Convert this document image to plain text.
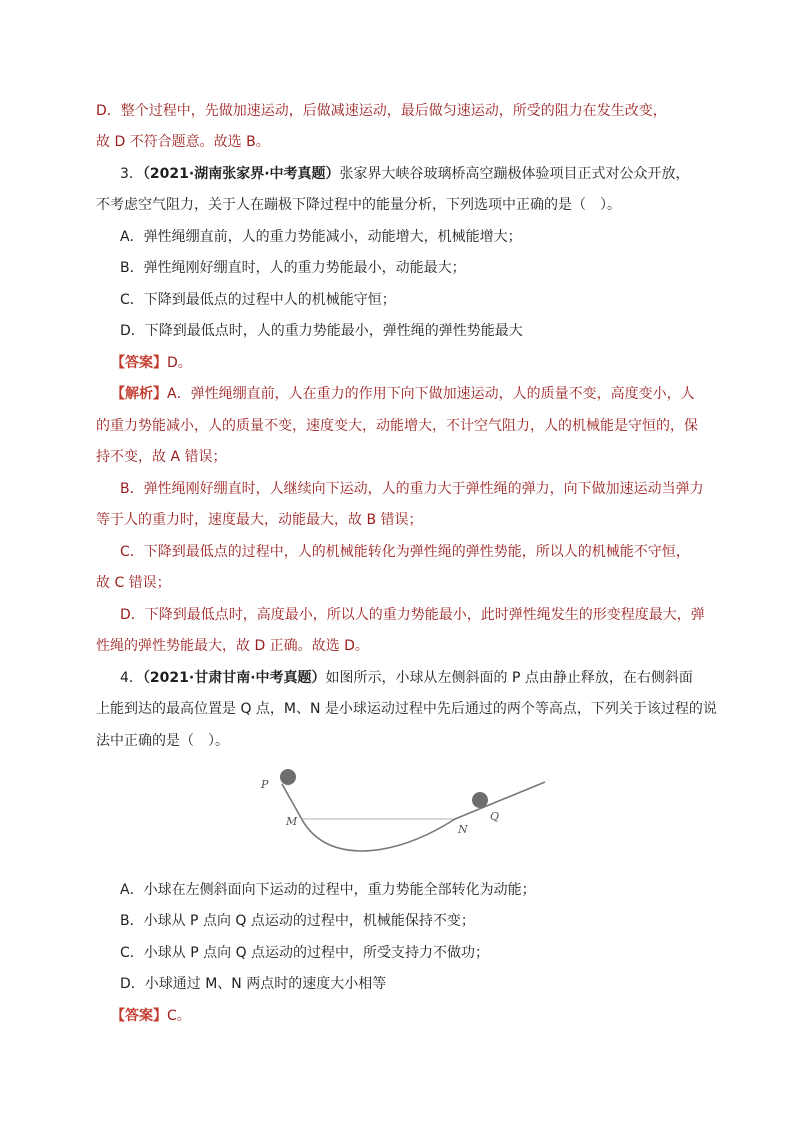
D．整个过程中，先做加速运动，后做减速运动，最后做匀速运动，所受的阻力在发生改变，
故 D 不符合题意。故选 B。
3．（2021·湖南张家界·中考真题）张家界大峡谷玻璃桥高空蹦极体验项目正式对公众开放，
不考虑空气阻力，关于人在蹦极下降过程中的能量分析，下列选项中正确的是（　）。
A．弹性绳绷直前，人的重力势能减小，动能增大，机械能增大；
B．弹性绳刚好绷直时，人的重力势能最小，动能最大；
C．下降到最低点的过程中人的机械能守恒；
D．下降到最低点时，人的重力势能最小，弹性绳的弹性势能最大
【答案】D。
【解析】A．弹性绳绷直前，人在重力的作用下向下做加速运动，人的质量不变，高度变小，人
的重力势能减小，人的质量不变，速度变大，动能增大，不计空气阻力，人的机械能是守恒的，保
持不变，故 A 错误；
B．弹性绳刚好绷直时，人继续向下运动，人的重力大于弹性绳的弹力，向下做加速运动当弹力
等于人的重力时，速度最大，动能最大，故 B 错误；
C．下降到最低点的过程中，人的机械能转化为弹性绳的弹性势能，所以人的机械能不守恒，
故 C 错误；
D．下降到最低点时，高度最小，所以人的重力势能最小，此时弹性绳发生的形变程度最大，弹
性绳的弹性势能最大，故 D 正确。故选 D。
4．（2021·甘肃甘南·中考真题）如图所示，小球从左侧斜面的 P 点由静止释放，在右侧斜面
上能到达的最高位置是 Q 点，M、N 是小球运动过程中先后通过的两个等高点，下列关于该过程的说
法中正确的是（　）。
P
M
N
Q
A．小球在左侧斜面向下运动的过程中，重力势能全部转化为动能；
B．小球从 P 点向 Q 点运动的过程中，机械能保持不变；
C．小球从 P 点向 Q 点运动的过程中，所受支持力不做功；
D．小球通过 M、N 两点时的速度大小相等
【答案】C。
